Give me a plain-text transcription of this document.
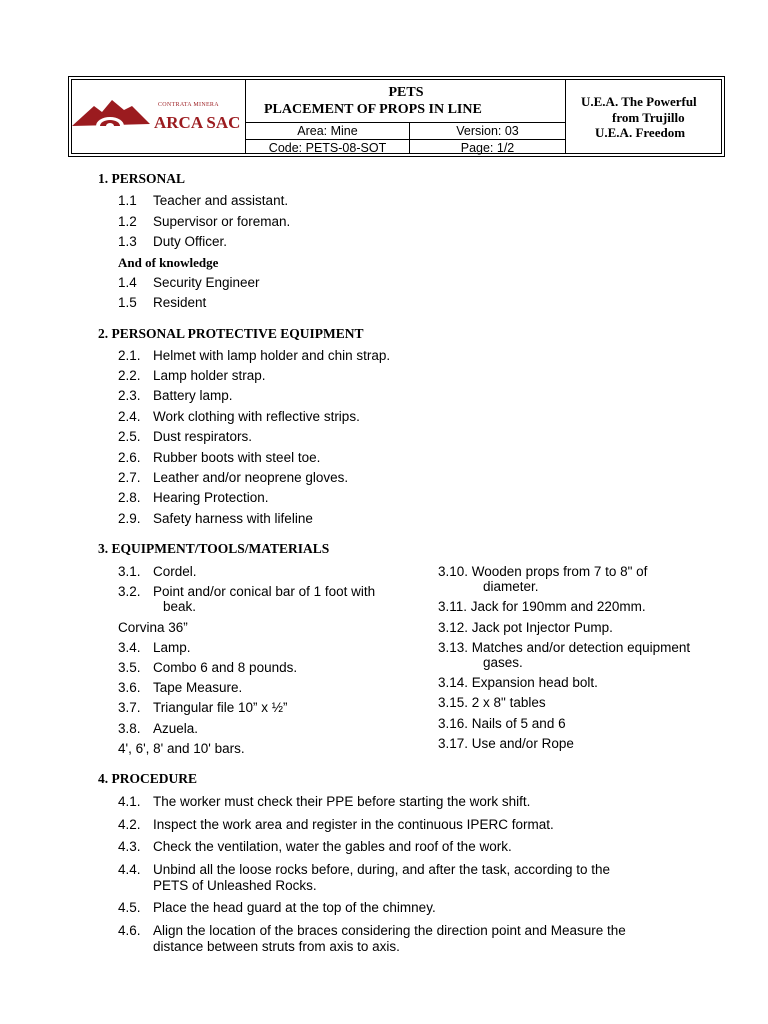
CONTRATA MINERA
ARCA SAC
PETS
PLACEMENT OF PROPS IN LINE
Area: Mine	Version: 03
Code: PETS-08-SOT	Page: 1/2
U.E.A. The Powerful
from Trujillo
U.E.A. Freedom
1. PERSONAL
1.1 Teacher and assistant.
1.2 Supervisor or foreman.
1.3 Duty Officer.
And of knowledge
1.4 Security Engineer
1.5 Resident
2. PERSONAL PROTECTIVE EQUIPMENT
2.1. Helmet with lamp holder and chin strap.
2.2. Lamp holder strap.
2.3. Battery lamp.
2.4. Work clothing with reflective strips.
2.5. Dust respirators.
2.6. Rubber boots with steel toe.
2.7. Leather and/or neoprene gloves.
2.8. Hearing Protection.
2.9. Safety harness with lifeline
3. EQUIPMENT/TOOLS/MATERIALS
3.1. Cordel.
3.2. Point and/or conical bar of 1 foot with
beak.
Corvina 36”
3.4. Lamp.
3.5. Combo 6 and 8 pounds.
3.6. Tape Measure.
3.7. Triangular file 10” x ½”
3.8. Azuela.
4', 6', 8' and 10' bars.
3.10. Wooden props from 7 to 8" of
diameter.
3.11. Jack for 190mm and 220mm.
3.12. Jack pot Injector Pump.
3.13. Matches and/or detection equipment
gases.
3.14. Expansion head bolt.
3.15. 2 x 8" tables
3.16. Nails of 5 and 6
3.17. Use and/or Rope
4. PROCEDURE
4.1. The worker must check their PPE before starting the work shift.
4.2. Inspect the work area and register in the continuous IPERC format.
4.3. Check the ventilation, water the gables and roof of the work.
4.4. Unbind all the loose rocks before, during, and after the task, according to the
PETS of Unleashed Rocks.
4.5. Place the head guard at the top of the chimney.
4.6. Align the location of the braces considering the direction point and Measure the
distance between struts from axis to axis.
